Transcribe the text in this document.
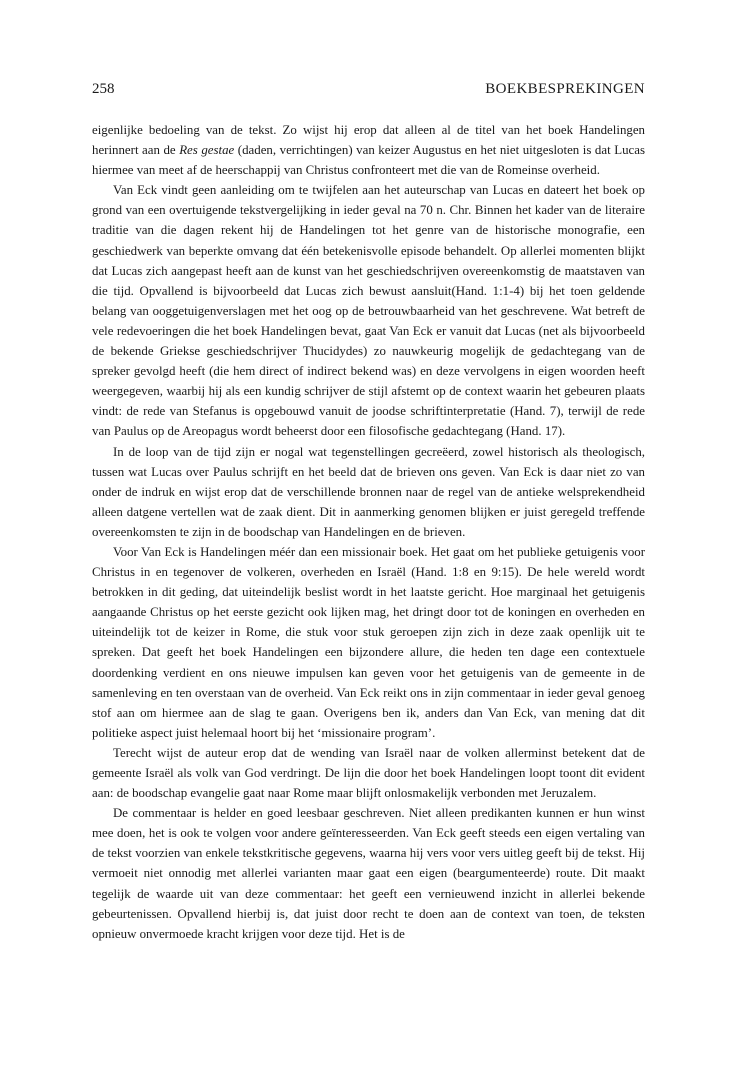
258	BOEKBESPREKINGEN

eigenlijke bedoeling van de tekst. Zo wijst hij erop dat alleen al de titel van het boek Handelingen herinnert aan de Res gestae (daden, verrichtingen) van keizer Augustus en het niet uitgesloten is dat Lucas hiermee van meet af de heerschappij van Christus confronteert met die van de Romeinse overheid.

Van Eck vindt geen aanleiding om te twijfelen aan het auteurschap van Lucas en dateert het boek op grond van een overtuigende tekstvergelijking in ieder geval na 70 n. Chr. Binnen het kader van de literaire traditie van die dagen rekent hij de Handelingen tot het genre van de historische monografie, een geschiedwerk van beperkte omvang dat één betekenisvolle episode behandelt. Op allerlei momenten blijkt dat Lucas zich aangepast heeft aan de kunst van het geschiedschrijven overeenkomstig de maatstaven van die tijd. Opvallend is bijvoorbeeld dat Lucas zich bewust aansluit(Hand. 1:1-4) bij het toen geldende belang van ooggetuigenverslagen met het oog op de betrouwbaarheid van het geschrevene. Wat betreft de vele redevoeringen die het boek Handelingen bevat, gaat Van Eck er vanuit dat Lucas (net als bijvoorbeeld de bekende Griekse geschiedschrijver Thucidydes) zo nauwkeurig mogelijk de gedachtegang van de spreker gevolgd heeft (die hem direct of indirect bekend was) en deze vervolgens in eigen woorden heeft weergegeven, waarbij hij als een kundig schrijver de stijl afstemt op de context waarin het gebeuren plaats vindt: de rede van Stefanus is opgebouwd vanuit de joodse schriftinterpretatie (Hand. 7), terwijl de rede van Paulus op de Areopagus wordt beheerst door een filosofische gedachtegang (Hand. 17).

In de loop van de tijd zijn er nogal wat tegenstellingen gecreëerd, zowel historisch als theologisch, tussen wat Lucas over Paulus schrijft en het beeld dat de brieven ons geven. Van Eck is daar niet zo van onder de indruk en wijst erop dat de verschillende bronnen naar de regel van de antieke welsprekendheid alleen datgene vertellen wat de zaak dient. Dit in aanmerking genomen blijken er juist geregeld treffende overeenkomsten te zijn in de boodschap van Handelingen en de brieven.

Voor Van Eck is Handelingen méér dan een missionair boek. Het gaat om het publieke getuigenis voor Christus in en tegenover de volkeren, overheden en Israël (Hand. 1:8 en 9:15). De hele wereld wordt betrokken in dit geding, dat uiteindelijk beslist wordt in het laatste gericht. Hoe marginaal het getuigenis aangaande Christus op het eerste gezicht ook lijken mag, het dringt door tot de koningen en overheden en uiteindelijk tot de keizer in Rome, die stuk voor stuk geroepen zijn zich in deze zaak openlijk uit te spreken. Dat geeft het boek Handelingen een bijzondere allure, die heden ten dage een contextuele doordenking verdient en ons nieuwe impulsen kan geven voor het getuigenis van de gemeente in de samenleving en ten overstaan van de overheid. Van Eck reikt ons in zijn commentaar in ieder geval genoeg stof aan om hiermee aan de slag te gaan. Overigens ben ik, anders dan Van Eck, van mening dat dit politieke aspect juist helemaal hoort bij het ‘missionaire program’.

Terecht wijst de auteur erop dat de wending van Israël naar de volken allerminst betekent dat de gemeente Israël als volk van God verdringt. De lijn die door het boek Handelingen loopt toont dit evident aan: de boodschap evangelie gaat naar Rome maar blijft onlosmakelijk verbonden met Jeruzalem.

De commentaar is helder en goed leesbaar geschreven. Niet alleen predikanten kunnen er hun winst mee doen, het is ook te volgen voor andere geïnteresseerden. Van Eck geeft steeds een eigen vertaling van de tekst voorzien van enkele tekstkritische gegevens, waarna hij vers voor vers uitleg geeft bij de tekst. Hij vermoeit niet onnodig met allerlei varianten maar gaat een eigen (beargumenteerde) route. Dit maakt tegelijk de waarde uit van deze commentaar: het geeft een vernieuwend inzicht in allerlei bekende gebeurtenissen. Opvallend hierbij is, dat juist door recht te doen aan de context van toen, de teksten opnieuw onvermoede kracht krijgen voor deze tijd. Het is de
